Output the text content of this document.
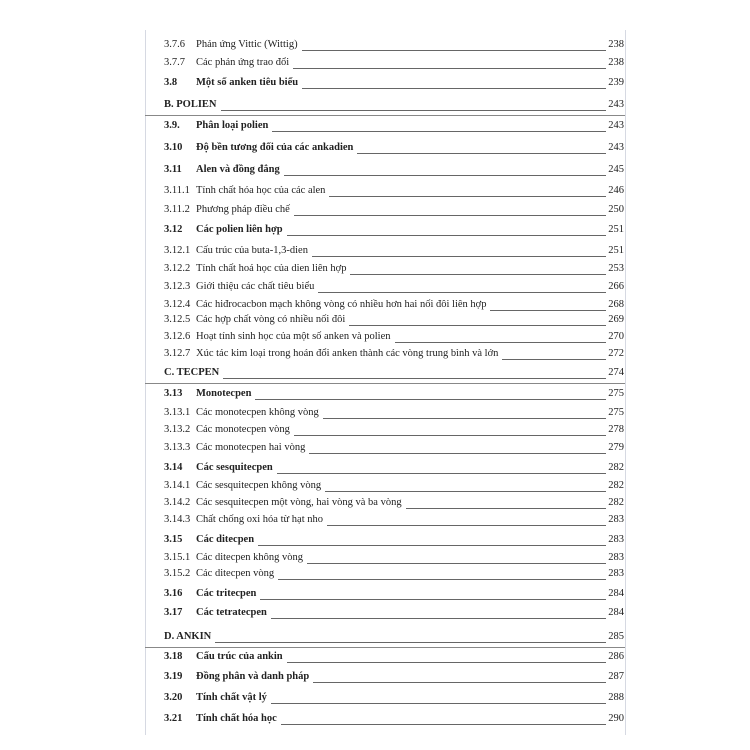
3.7.6 Phản ứng Vittic (Wittig)	238
3.7.7 Các phản ứng trao đổi	238
3.8 Một số anken tiêu biểu	239
B. POLIEN	243
3.9. Phân loại polien	243
3.10 Độ bền tương đối của các ankadien	243
3.11 Alen và đồng đẳng	245
3.11.1 Tính chất hóa học của các alen	246
3.11.2 Phương pháp điều chế	250
3.12 Các polien liên hợp	251
3.12.1 Cấu trúc của buta-1,3-dien	251
3.12.2 Tính chất hoá học của dien liên hợp	253
3.12.3 Giới thiệu các chất tiêu biểu	266
3.12.4 Các hiđrocacbon mạch không vòng có nhiều hơn hai nối đôi liên hợp	268
3.12.5 Các hợp chất vòng có nhiều nối đôi	269
3.12.6 Hoạt tính sinh học của một số anken và polien	270
3.12.7 Xúc tác kim loại trong hoán đổi anken thành các vòng trung bình và lớn	272
C. TECPEN	274
3.13 Monotecpen	275
3.13.1 Các monotecpen không vòng	275
3.13.2 Các monotecpen vòng	278
3.13.3 Các monotecpen hai vòng	279
3.14 Các sesquitecpen	282
3.14.1 Các sesquitecpen không vòng	282
3.14.2 Các sesquitecpen một vòng, hai vòng và ba vòng	282
3.14.3 Chất chống oxi hóa từ hạt nho	283
3.15 Các ditecpen	283
3.15.1 Các ditecpen không vòng	283
3.15.2 Các ditecpen vòng	283
3.16 Các tritecpen	284
3.17 Các tetratecpen	284
D. ANKIN	285
3.18 Cấu trúc của ankin	286
3.19 Đồng phân và danh pháp	287
3.20 Tính chất vật lý	288
3.21 Tính chất hóa học	290
